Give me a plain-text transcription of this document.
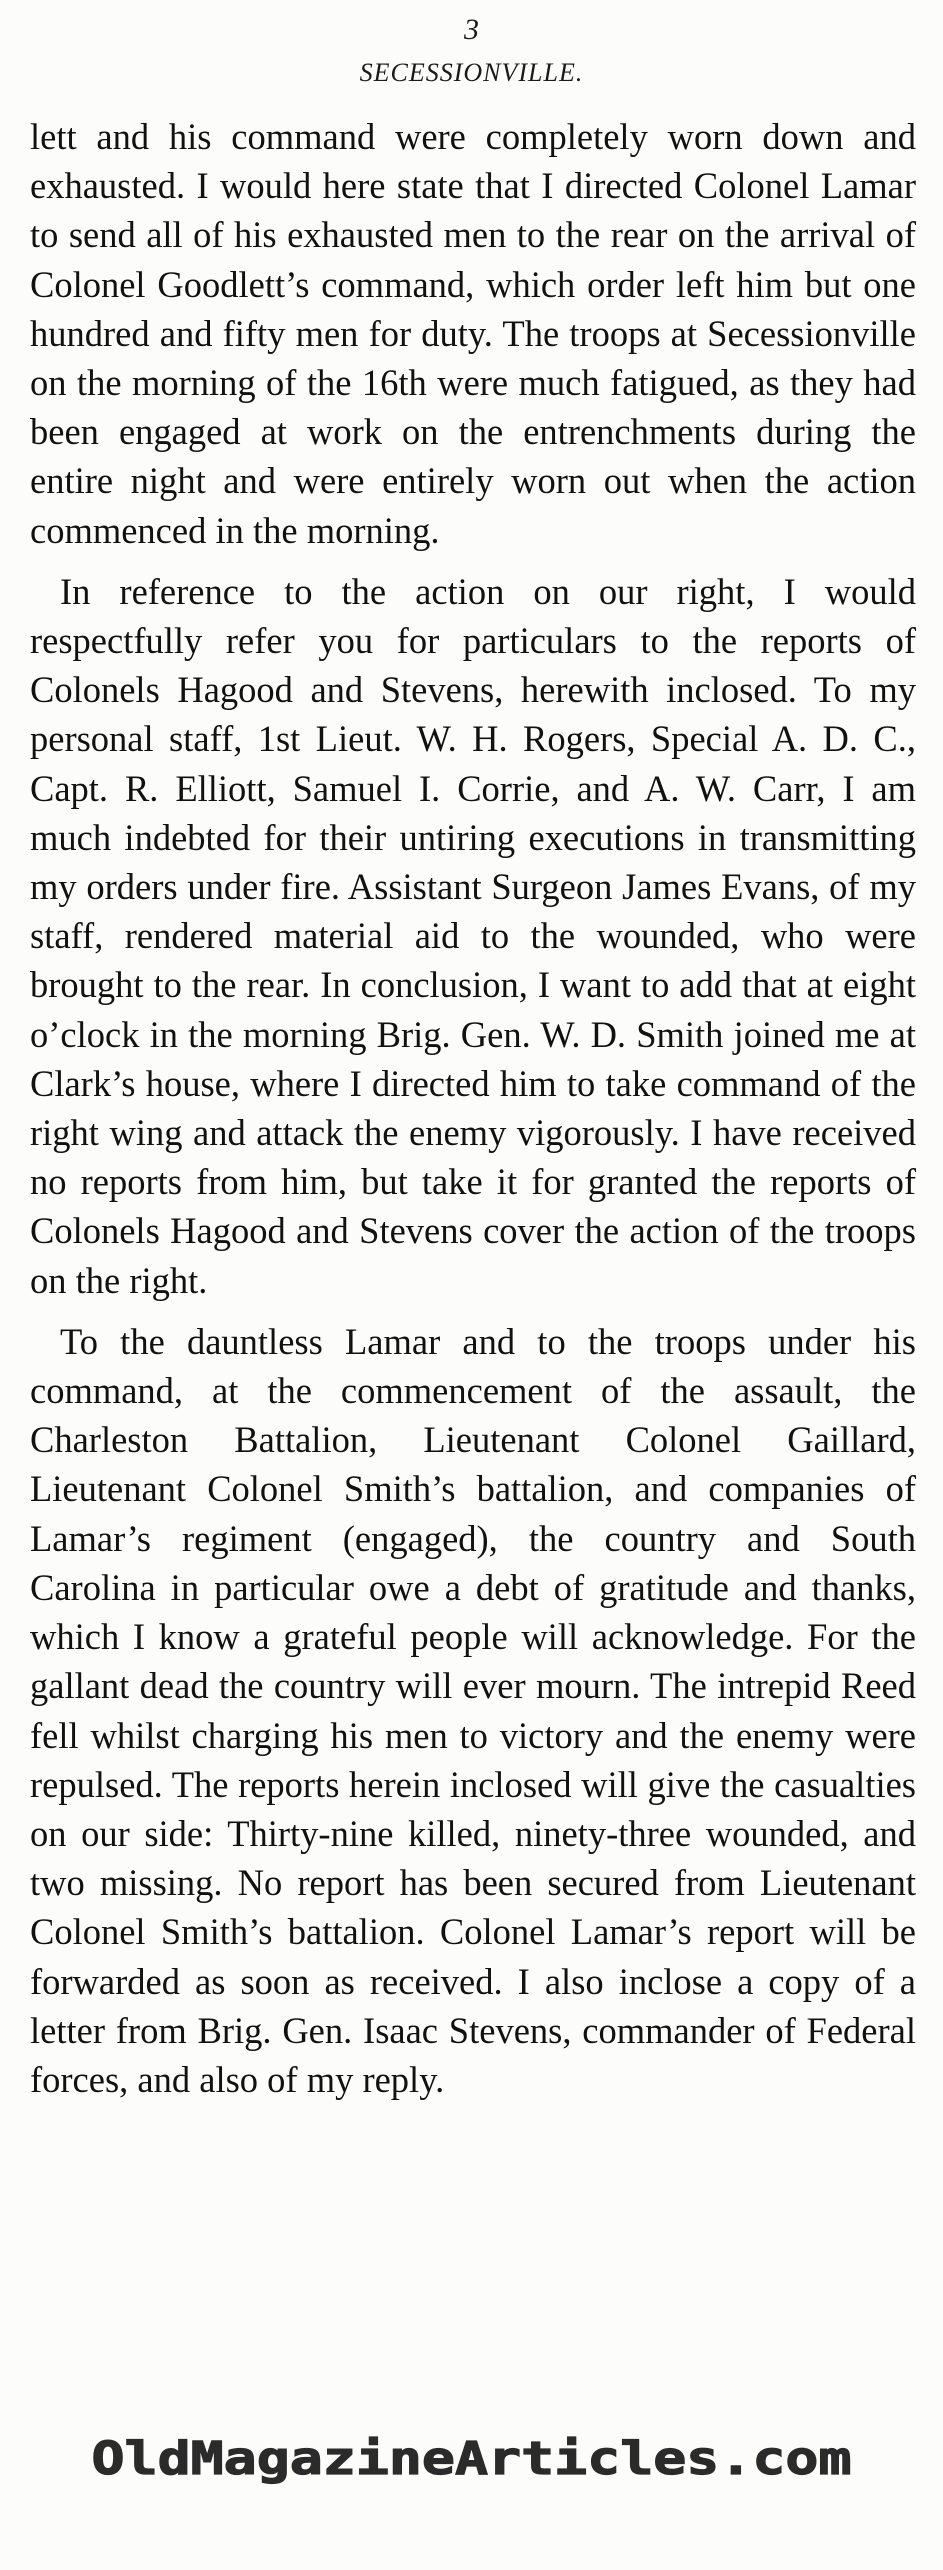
3
SECESSIONVILLE.

lett and his command were completely worn down and exhausted. I would here state that I directed Colonel Lamar to send all of his exhausted men to the rear on the arrival of Colonel Goodlett’s command, which order left him but one hundred and fifty men for duty. The troops at Secessionville on the morning of the 16th were much fatigued, as they had been engaged at work on the entrenchments during the entire night and were entirely worn out when the action commenced in the morning.

In reference to the action on our right, I would respectfully refer you for particulars to the reports of Colonels Hagood and Stevens, herewith inclosed. To my personal staff, 1st Lieut. W. H. Rogers, Special A. D. C., Capt. R. Elliott, Samuel I. Corrie, and A. W. Carr, I am much indebted for their untiring executions in transmitting my orders under fire. Assistant Surgeon James Evans, of my staff, rendered material aid to the wounded, who were brought to the rear. In conclusion, I want to add that at eight o’clock in the morning Brig. Gen. W. D. Smith joined me at Clark’s house, where I directed him to take command of the right wing and attack the enemy vigorously. I have received no reports from him, but take it for granted the reports of Colonels Hagood and Stevens cover the action of the troops on the right.

To the dauntless Lamar and to the troops under his command, at the commencement of the assault, the Charleston Battalion, Lieutenant Colonel Gaillard, Lieutenant Colonel Smith’s battalion, and companies of Lamar’s regiment (engaged), the country and South Carolina in particular owe a debt of gratitude and thanks, which I know a grateful people will acknowledge. For the gallant dead the country will ever mourn. The intrepid Reed fell whilst charging his men to victory and the enemy were repulsed. The reports herein inclosed will give the casualties on our side: Thirty-nine killed, ninety-three wounded, and two missing. No report has been secured from Lieutenant Colonel Smith’s battalion. Colonel Lamar’s report will be forwarded as soon as received. I also inclose a copy of a letter from Brig. Gen. Isaac Stevens, commander of Federal forces, and also of my reply.

OldMagazineArticles.com
